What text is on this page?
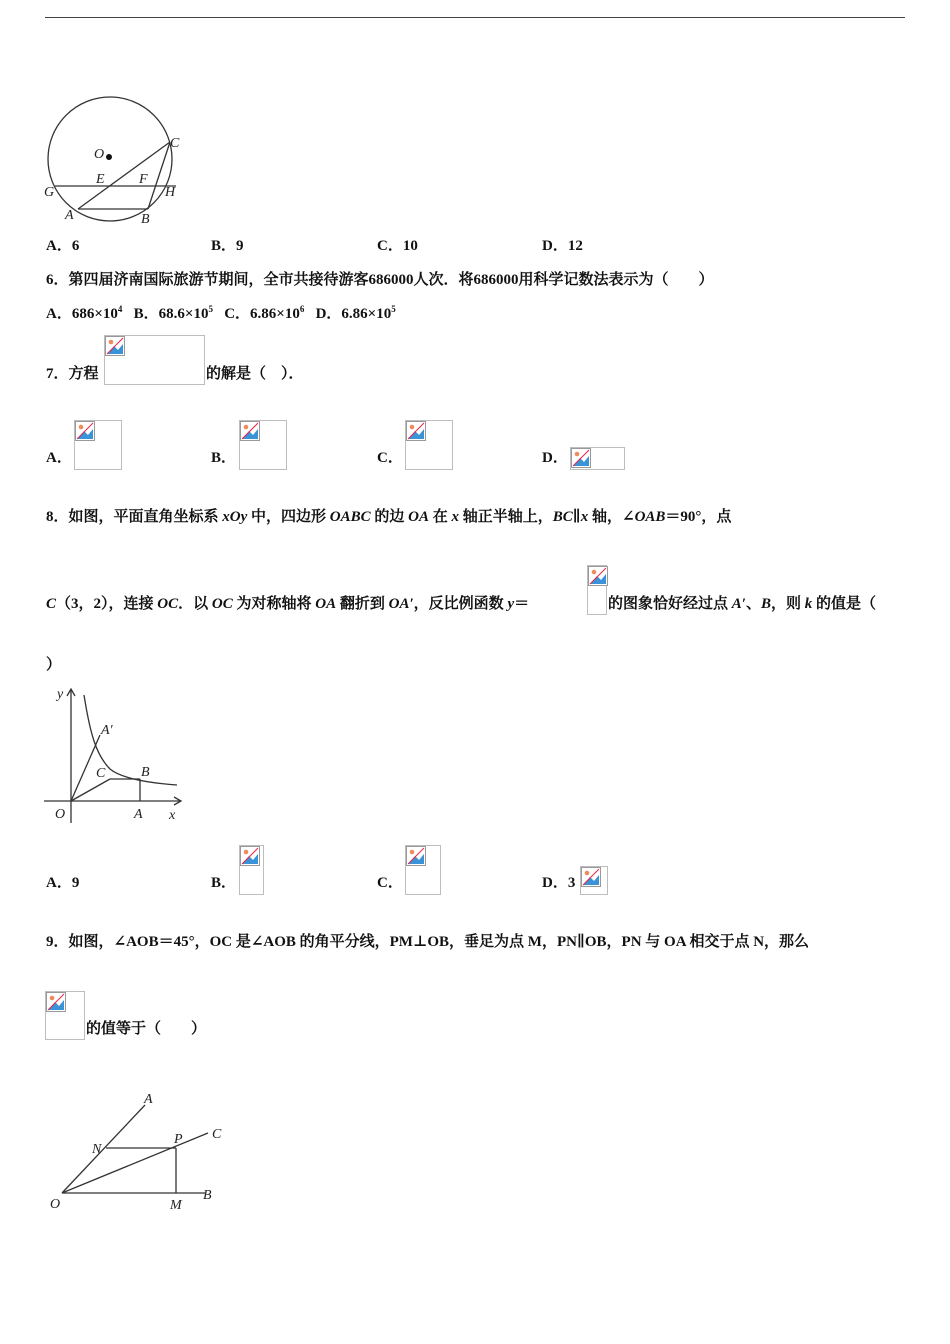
O
C
E F
G	H
A	B
A．6	B．9	C．10	D．12
6．第四届济南国际旅游节期间，全市共接待游客686000人次．将686000用科学记数法表示为（　　）
A．$686\times 10^4$ B．$68.6\times 10^5$ C．$6.86\times 10^6$ D．$6.86\times 10^5$
7．方程	的解是（　）．
A．	B．	C．	D．
8．如图，平面直角坐标系 xOy 中，四边形 OABC 的边 OA 在 x 轴正半轴上，BC∥x 轴，∠OAB＝90°，点
C（3，2），连接 OC．以 OC 为对称轴将 OA 翻折到 OA′，反比例函数 y＝	的图象恰好经过点 A′、B，则 k 的值是（
）
y
A′
C	B
O	A x
A．9	B．	C．	D．3
9．如图，∠AOB＝45°，OC 是∠AOB 的角平分线，PM⊥OB，垂足为点 M，PN∥OB，PN 与 OA 相交于点 N，那么
的值等于（　　）
A
N
P C
O	M
B
